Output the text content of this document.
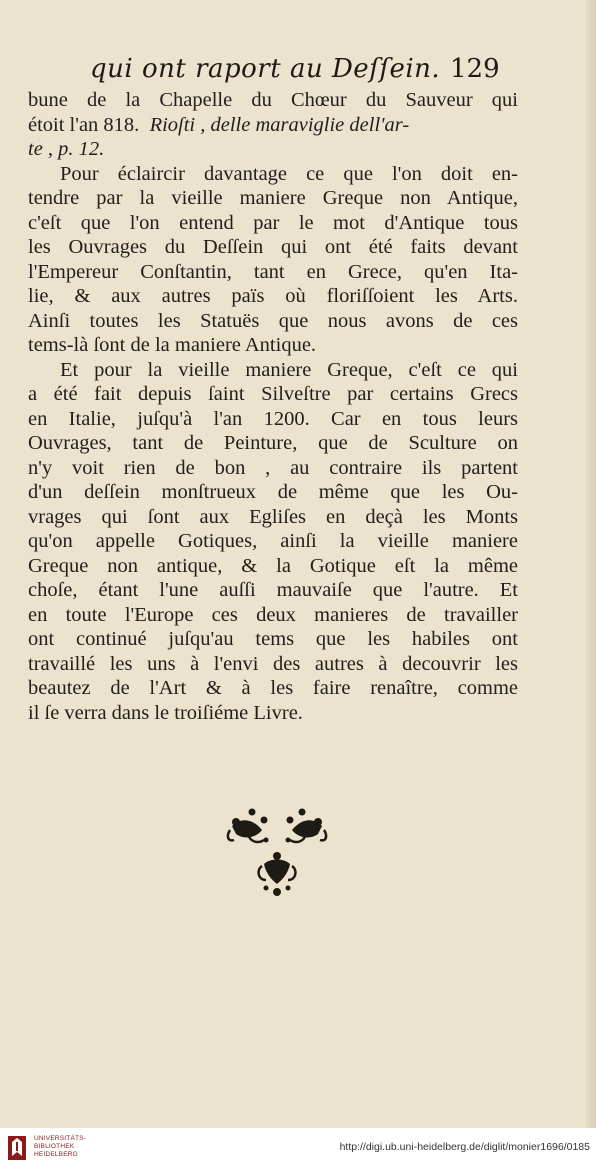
qui ont raport au Deſſein. 129
bune de la Chapelle du Chœur du Sauveur qui
étoit l'an 818. Rioſti , delle maraviglie dell'ar-
te , p. 12.
Pour éclaircir davantage ce que l'on doit en-
tendre par la vieille maniere Greque non Antique,
c'eſt que l'on entend par le mot d'Antique tous
les Ouvrages du Deſſein qui ont été faits devant
l'Empereur Conſtantin, tant en Grece, qu'en Ita-
lie, & aux autres païs où floriſſoient les Arts.
Ainſi toutes les Statuës que nous avons de ces
tems-là ſont de la maniere Antique.
Et pour la vieille maniere Greque, c'eſt ce qui
a été fait depuis ſaint Silveſtre par certains Grecs
en Italie, juſqu'à l'an 1200. Car en tous leurs
Ouvrages, tant de Peinture, que de Sculture on
n'y voit rien de bon , au contraire ils partent
d'un deſſein monſtrueux de même que les Ou-
vrages qui ſont aux Egliſes en deçà les Monts
qu'on appelle Gotiques, ainſi la vieille maniere
Greque non antique, & la Gotique eſt la même
choſe, étant l'une auſſi mauvaiſe que l'autre. Et
en toute l'Europe ces deux manieres de travailler
ont continué juſqu'au tems que les habiles ont
travaillé les uns à l'envi des autres à decouvrir les
beautez de l'Art & à les faire renaître, comme
il ſe verra dans le troiſiéme Livre.
UNIVERSITÄTS-
BIBLIOTHEK
HEIDELBERG
http://digi.ub.uni-heidelberg.de/diglit/monier1696/0185
